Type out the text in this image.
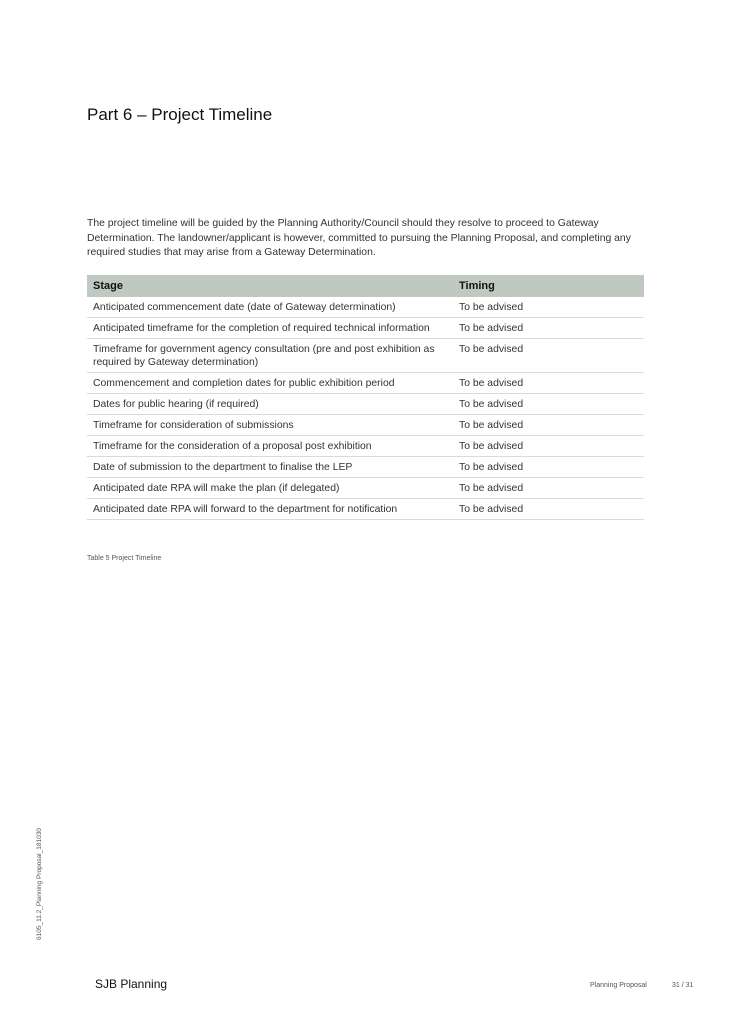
Part 6 – Project Timeline

The project timeline will be guided by the Planning Authority/Council should they resolve to proceed to Gateway Determination. The landowner/applicant is however, committed to pursuing the Planning Proposal, and completing any required studies that may arise from a Gateway Determination.

Stage	Timing
Anticipated commencement date (date of Gateway determination)	To be advised
Anticipated timeframe for the completion of required technical information	To be advised
Timeframe for government agency consultation (pre and post exhibition as required by Gateway determination)	To be advised
Commencement and completion dates for public exhibition period	To be advised
Dates for public hearing (if required)	To be advised
Timeframe for consideration of submissions	To be advised
Timeframe for the consideration of a proposal post exhibition	To be advised
Date of submission to the department to finalise the LEP	To be advised
Anticipated date RPA will make the plan (if delegated)	To be advised
Anticipated date RPA will forward to the department for notification	To be advised
Table 5 Project Timeline
6105_11.2_Planning Proposal_181030
SJB Planning	Planning Proposal	31 / 31
